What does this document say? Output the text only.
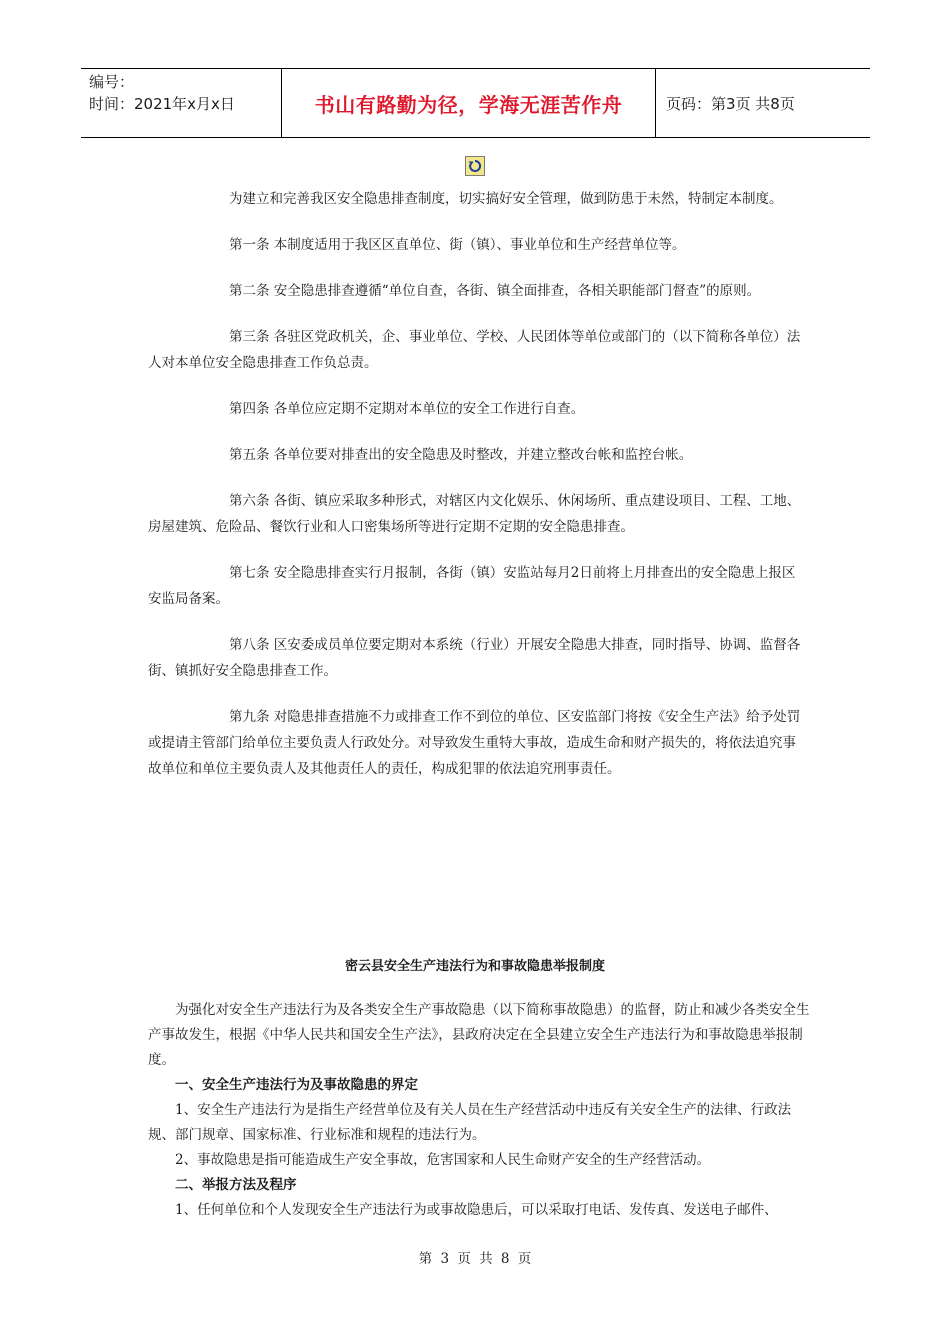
编号：
时间：2021年x月x日	书山有路勤为径，学海无涯苦作舟	页码：第3页 共8页

为建立和完善我区安全隐患排查制度，切实搞好安全管理，做到防患于未然，特制定本制度。

第一条 本制度适用于我区区直单位、街（镇）、事业单位和生产经营单位等。

第二条 安全隐患排查遵循“单位自查，各街、镇全面排查，各相关职能部门督查”的原则。

第三条 各驻区党政机关，企、事业单位、学校、人民团体等单位或部门的（以下简称各单位）法人对本单位安全隐患排查工作负总责。

第四条 各单位应定期不定期对本单位的安全工作进行自查。

第五条 各单位要对排查出的安全隐患及时整改，并建立整改台帐和监控台帐。

第六条 各街、镇应采取多种形式，对辖区内文化娱乐、休闲场所、重点建设项目、工程、工地、房屋建筑、危险品、餐饮行业和人口密集场所等进行定期不定期的安全隐患排查。

第七条 安全隐患排查实行月报制，各街（镇）安监站每月2日前将上月排查出的安全隐患上报区安监局备案。

第八条 区安委成员单位要定期对本系统（行业）开展安全隐患大排查，同时指导、协调、监督各街、镇抓好安全隐患排查工作。

第九条 对隐患排查措施不力或排查工作不到位的单位、区安监部门将按《安全生产法》给予处罚或提请主管部门给单位主要负责人行政处分。对导致发生重特大事故，造成生命和财产损失的，将依法追究事故单位和单位主要负责人及其他责任人的责任，构成犯罪的依法追究刑事责任。

密云县安全生产违法行为和事故隐患举报制度

为强化对安全生产违法行为及各类安全生产事故隐患（以下简称事故隐患）的监督，防止和减少各类安全生产事故发生，根据《中华人民共和国安全生产法》，县政府决定在全县建立安全生产违法行为和事故隐患举报制度。

一、安全生产违法行为及事故隐患的界定

1、安全生产违法行为是指生产经营单位及有关人员在生产经营活动中违反有关安全生产的法律、行政法规、部门规章、国家标准、行业标准和规程的违法行为。

2、事故隐患是指可能造成生产安全事故，危害国家和人民生命财产安全的生产经营活动。

二、举报方法及程序

1、任何单位和个人发现安全生产违法行为或事故隐患后，可以采取打电话、发传真、发送电子邮件、

第 3 页 共 8 页
